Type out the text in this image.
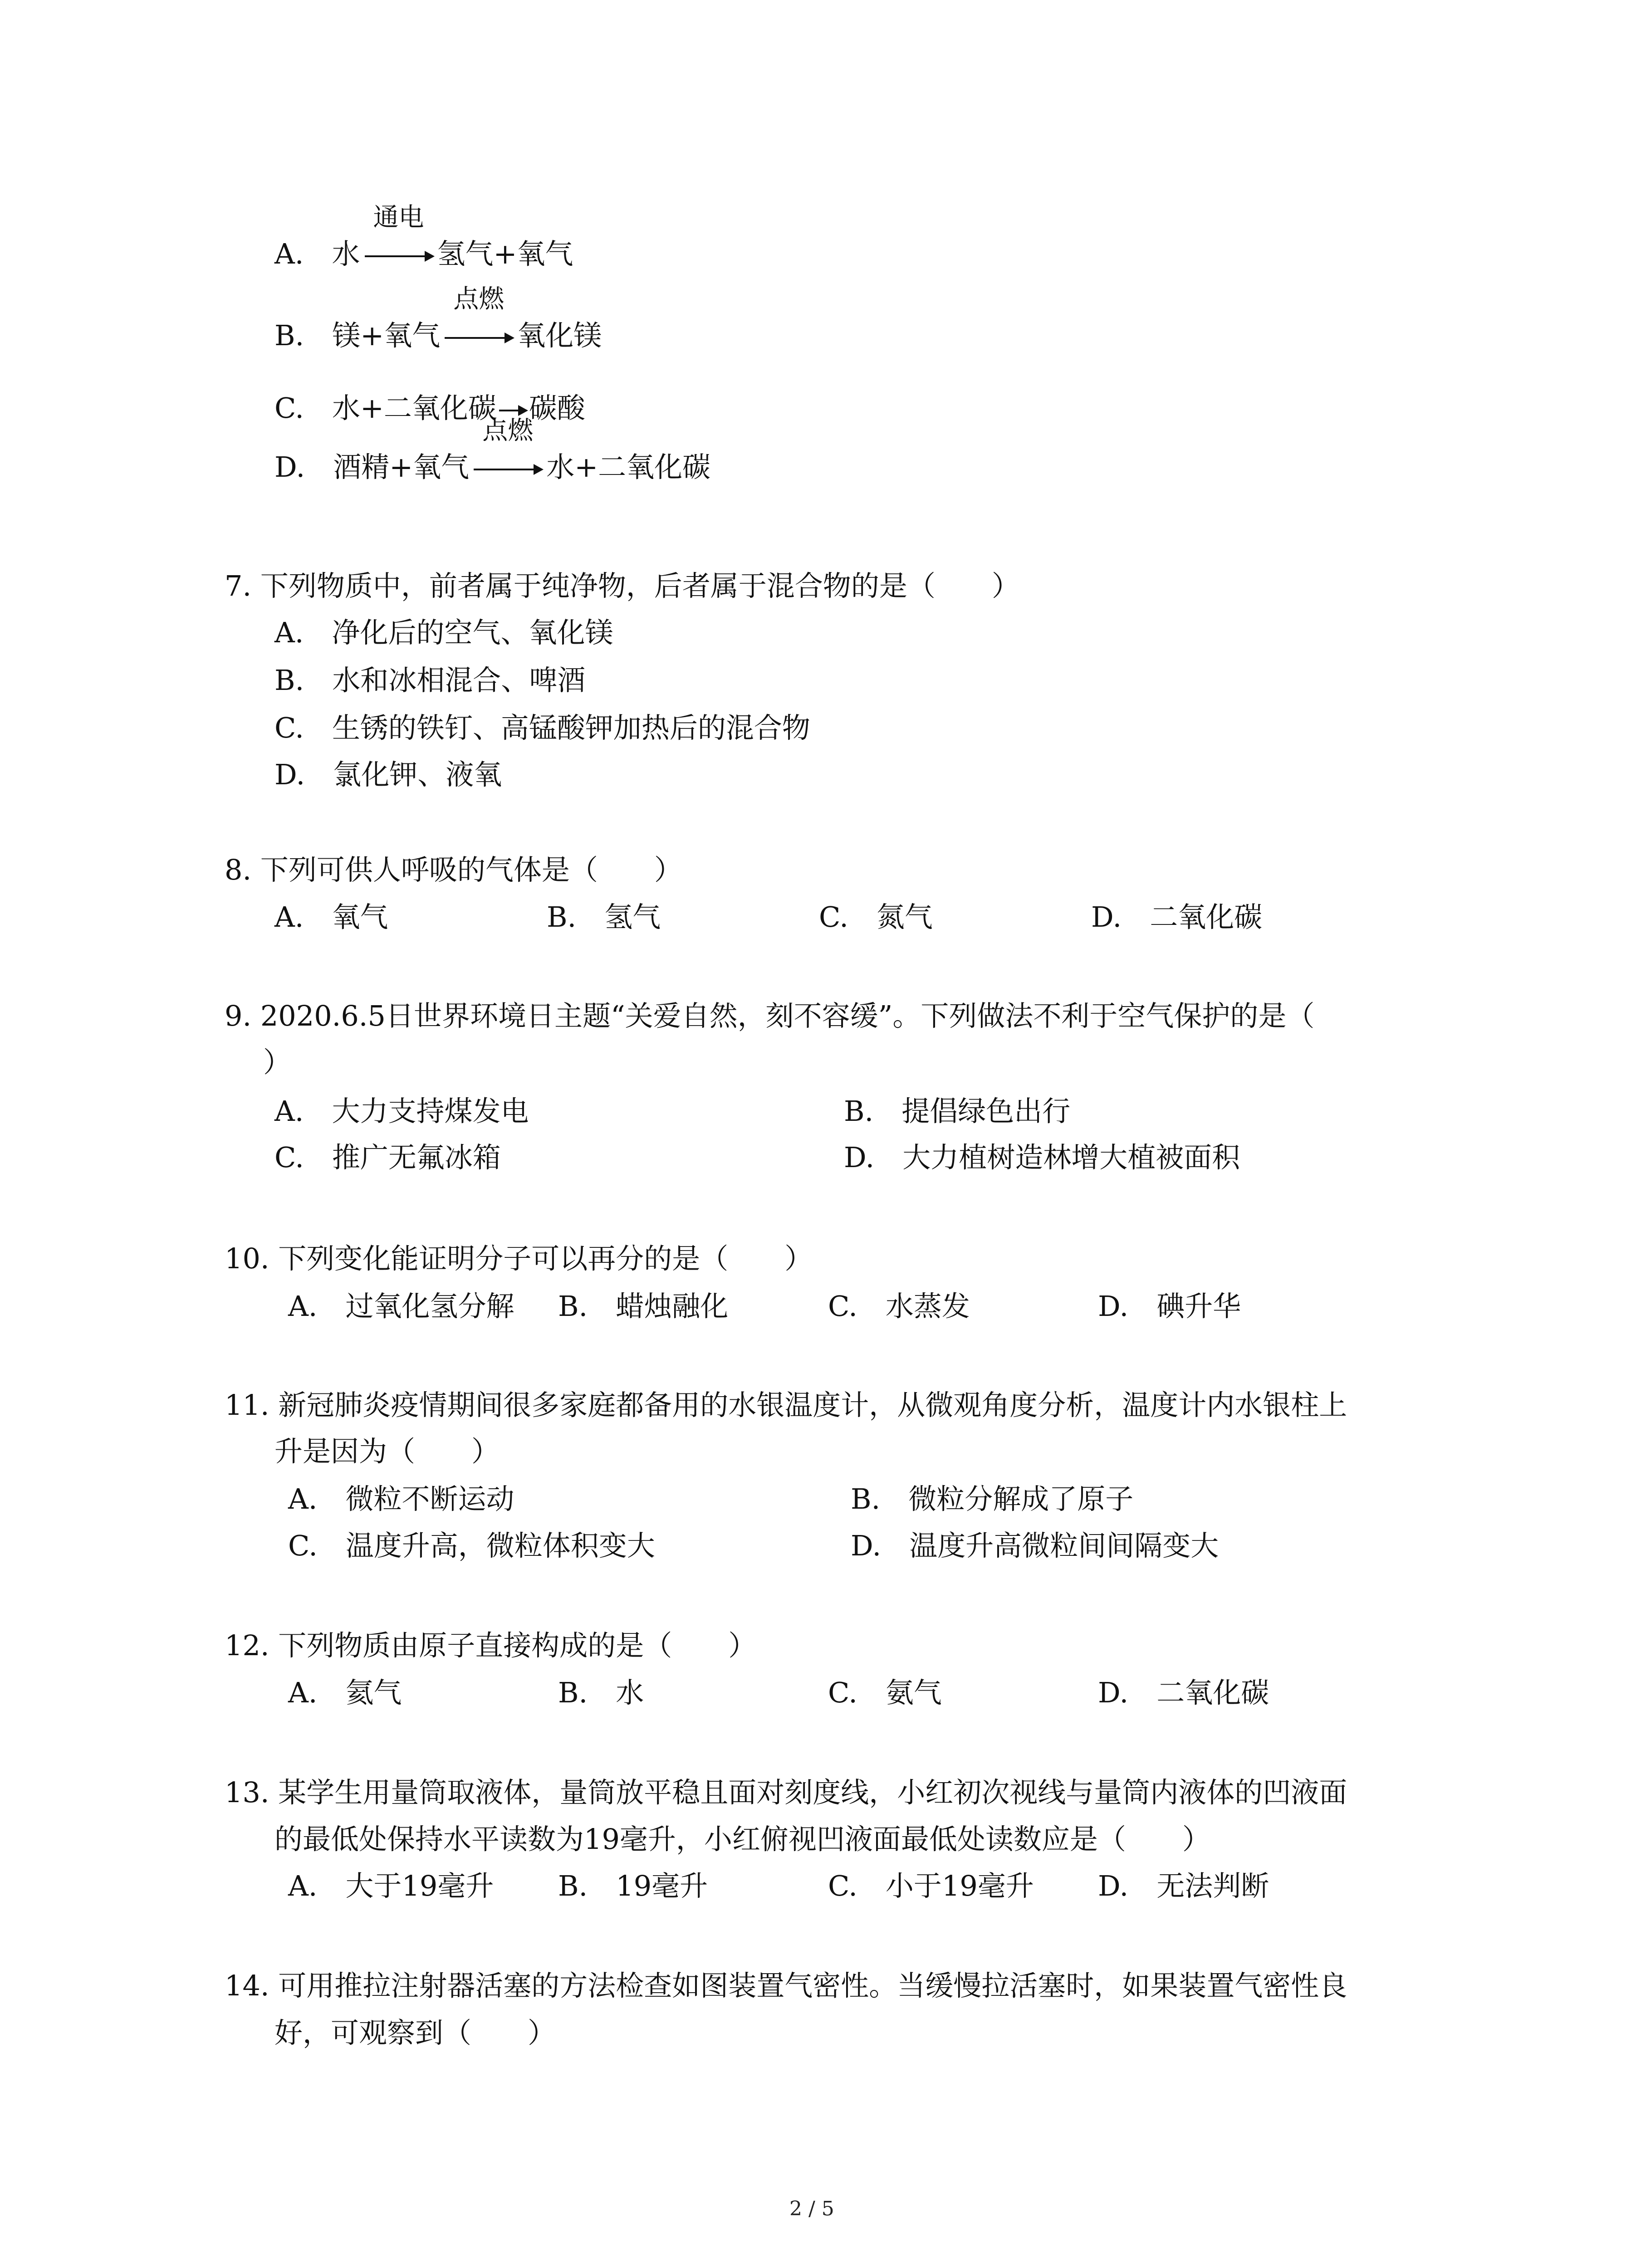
A.　 水
通电
氢气+氧气
B.　 镁+氧气
点燃
氧化镁
C.　 水+二氧化碳 碳酸
D.　 酒精+氧气
点燃
水+二氧化碳
7. 下列物质中，前者属于纯净物，后者属于混合物的是（　　）
A.　净化后的空气、氧化镁
B.　水和冰相混合、啤酒
C.　生锈的铁钉、高锰酸钾加热后的混合物
D.　氯化钾、液氧
8. 下列可供人呼吸的气体是（　　）
A.　氧气	B.　氢气	C.　氮气	D.　二氧化碳
9. 2020.6.5日世界环境日主题“关爱自然，刻不容缓”。下列做法不利于空气保护的是（
）
A.　大力支持煤发电	B.　提倡绿色出行
C.　推广无氟冰箱	D.　大力植树造林增大植被面积
10. 下列变化能证明分子可以再分的是（　　）
A.　过氧化氢分解 B.　蜡烛融化	C.　水蒸发	D.　碘升华
11. 新冠肺炎疫情期间很多家庭都备用的水银温度计，从微观角度分析，温度计内水银柱上
升是因为（　　）
A.　微粒不断运动	B.　微粒分解成了原子
C.　温度升高，微粒体积变大	D.　温度升高微粒间间隔变大
12. 下列物质由原子直接构成的是（　　）
A.　氦气	B.　水	C.　氨气	D.　二氧化碳
13. 某学生用量筒取液体，量筒放平稳且面对刻度线，小红初次视线与量筒内液体的凹液面
的最低处保持水平读数为19毫升，小红俯视凹液面最低处读数应是（　　）
A.　大于19毫升 B.　19毫升	C.　小于19毫升 D.　无法判断
14. 可用推拉注射器活塞的方法检查如图装置气密性。当缓慢拉活塞时，如果装置气密性良
好，可观察到（　　）
2 / 5
